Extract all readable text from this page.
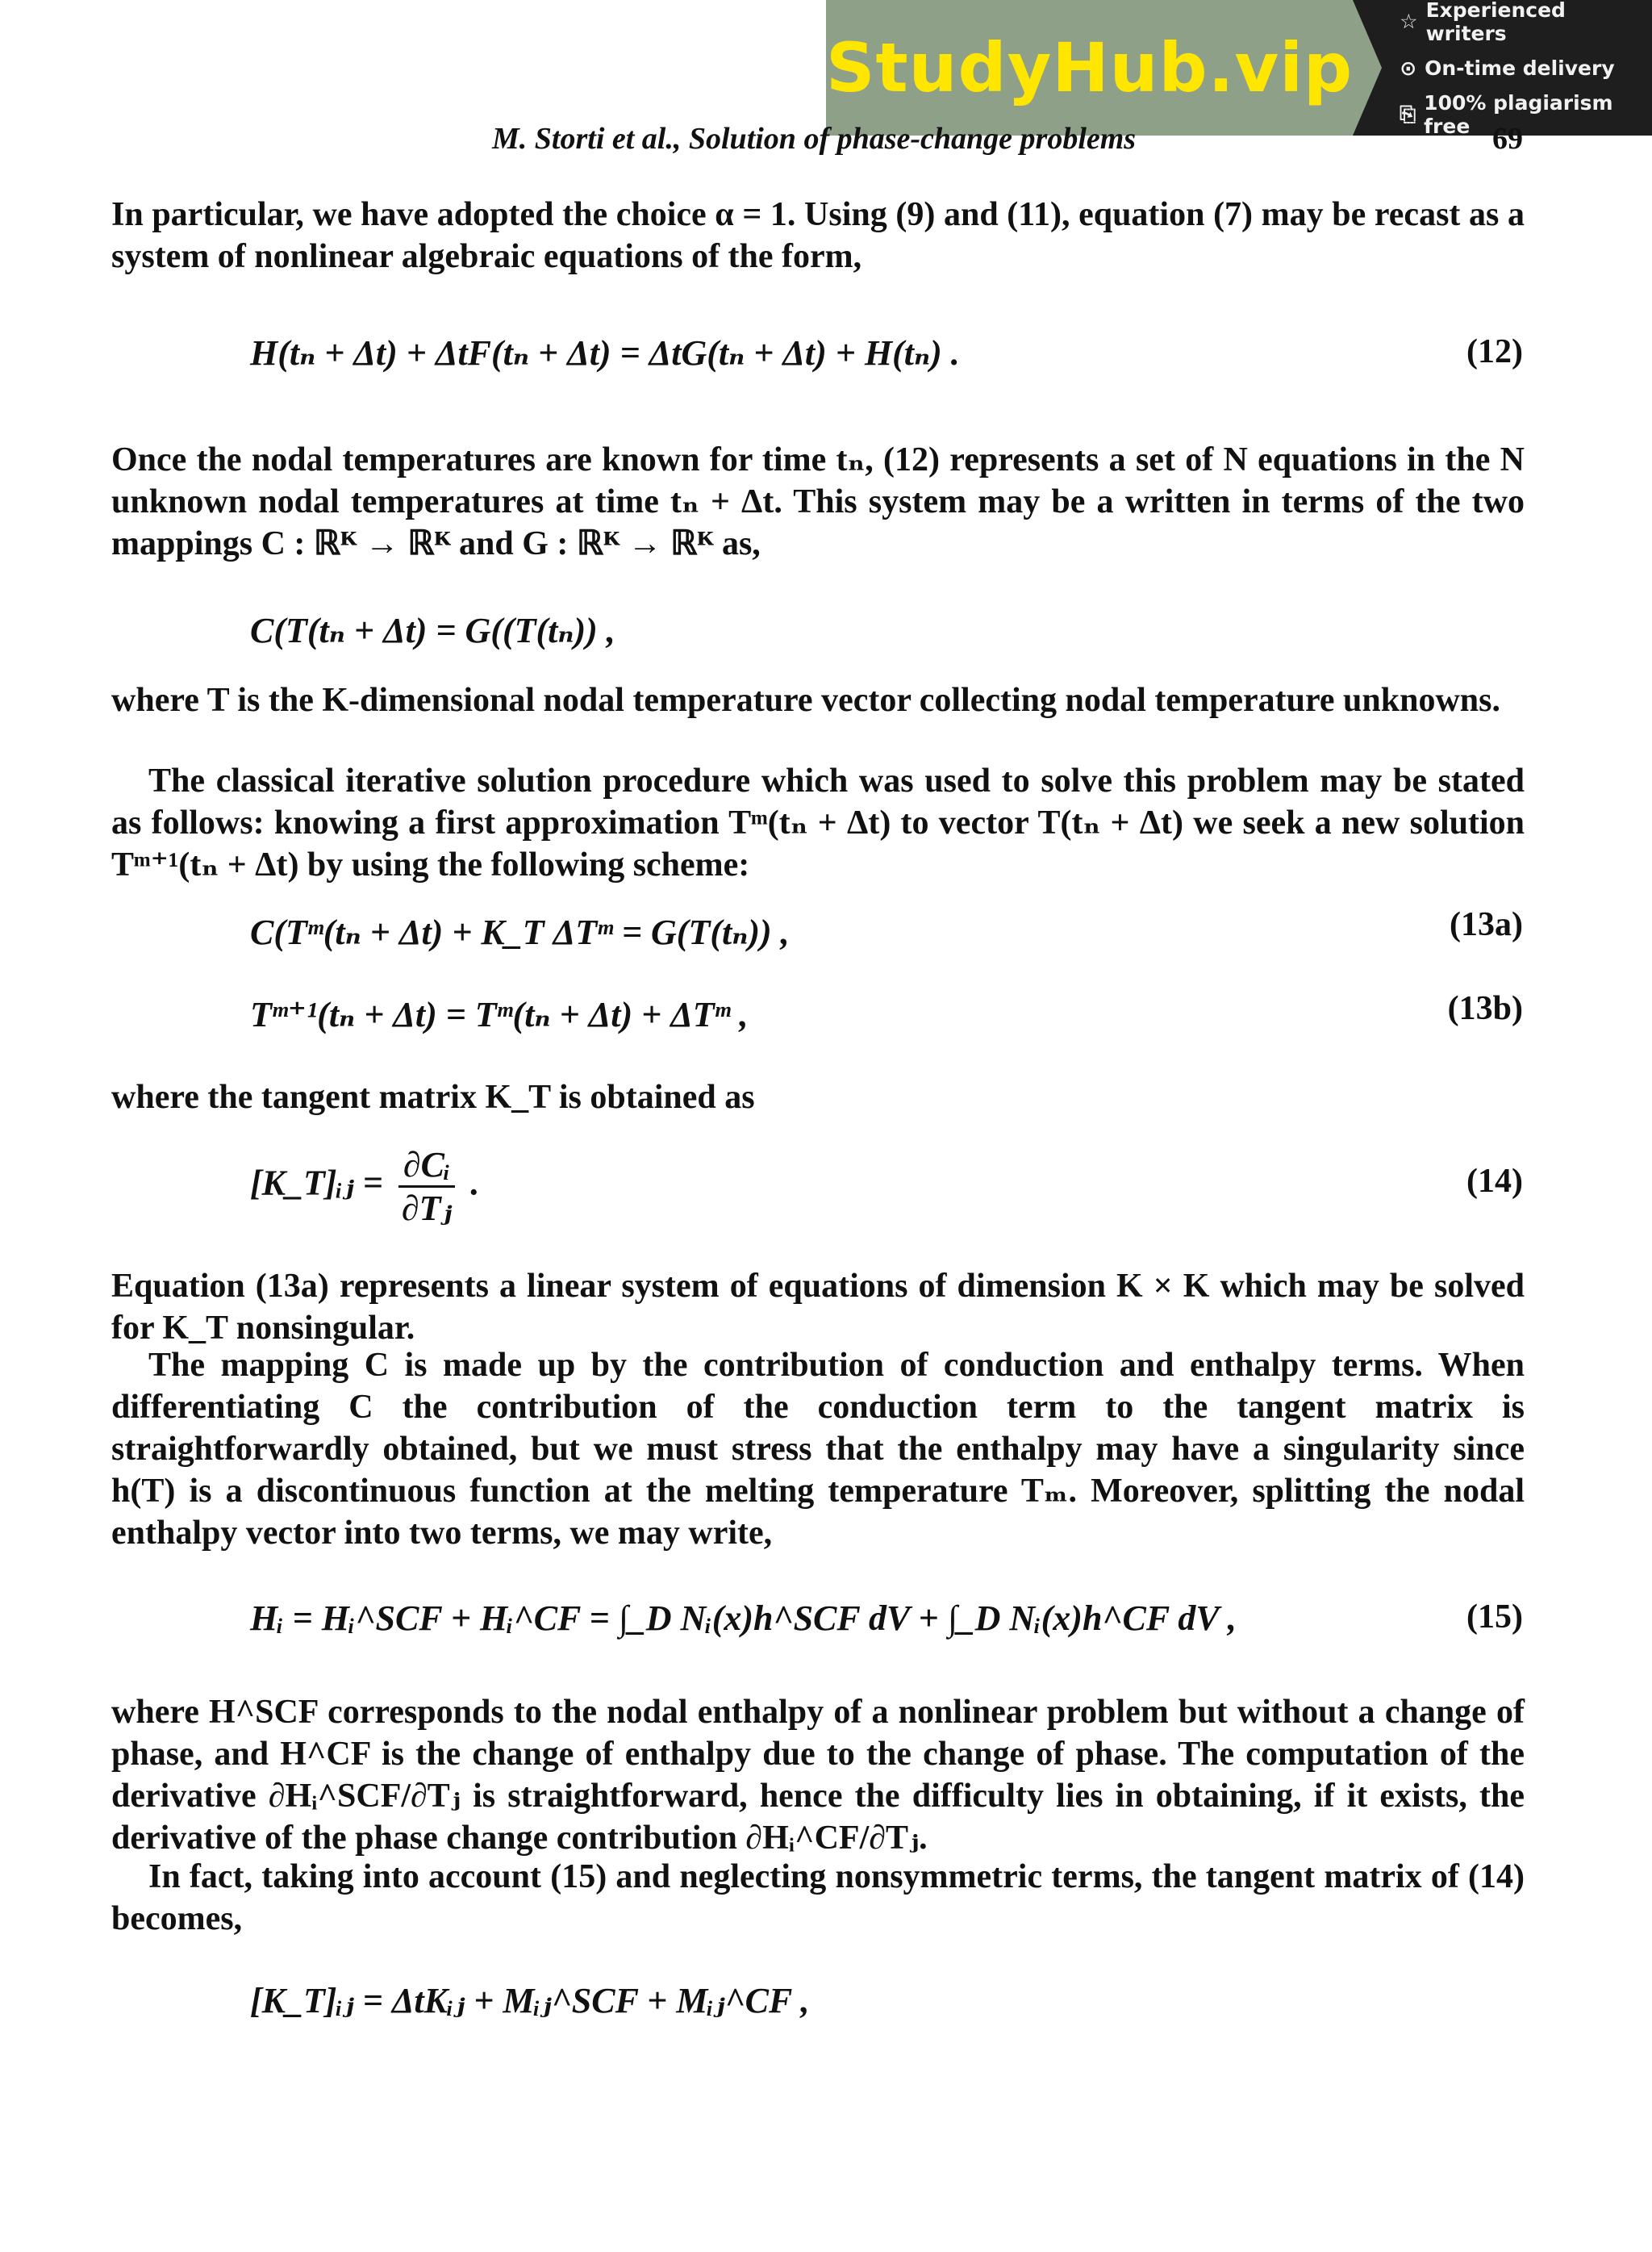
StudyHub.vip
☆ Experienced writers
⊙ On-time delivery
⎘ 100% plagiarism free
M. Storti et al., Solution of phase-change problems	69
In particular, we have adopted the choice α = 1. Using (9) and (11), equation (7) may be recast as a system of nonlinear algebraic equations of the form,
H(tₙ + Δt) + ΔtF(tₙ + Δt) = ΔtG(tₙ + Δt) + H(tₙ) .	(12)
Once the nodal temperatures are known for time tₙ, (12) represents a set of N equations in the N unknown nodal temperatures at time tₙ + Δt. This system may be a written in terms of the two mappings C : ℝᴷ → ℝᴷ and G : ℝᴷ → ℝᴷ as,
C(T(tₙ + Δt) = G((T(tₙ)) ,
where T is the K-dimensional nodal temperature vector collecting nodal temperature unknowns.
The classical iterative solution procedure which was used to solve this problem may be stated as follows: knowing a first approximation Tᵐ(tₙ + Δt) to vector T(tₙ + Δt) we seek a new solution Tᵐ⁺¹(tₙ + Δt) by using the following scheme:
C(Tᵐ(tₙ + Δt) + K_T ΔTᵐ = G(T(tₙ)) ,	(13a)
Tᵐ⁺¹(tₙ + Δt) = Tᵐ(tₙ + Δt) + ΔTᵐ ,	(13b)
where the tangent matrix K_T is obtained as
[K_T]ᵢⱼ = $\frac{\text{∂Cᵢ}}{\text{∂Tⱼ}}$ .	(14)
Equation (13a) represents a linear system of equations of dimension K × K which may be solved for K_T nonsingular.
The mapping C is made up by the contribution of conduction and enthalpy terms. When differentiating C the contribution of the conduction term to the tangent matrix is straightforwardly obtained, but we must stress that the enthalpy may have a singularity since h(T) is a discontinuous function at the melting temperature Tₘ. Moreover, splitting the nodal enthalpy vector into two terms, we may write,
Hᵢ = Hᵢ^SCF + Hᵢ^CF = ∫_D Nᵢ(x)h^SCF dV + ∫_D Nᵢ(x)h^CF dV ,	(15)
where H^SCF corresponds to the nodal enthalpy of a nonlinear problem but without a change of phase, and H^CF is the change of enthalpy due to the change of phase. The computation of the derivative ∂Hᵢ^SCF/∂Tⱼ is straightforward, hence the difficulty lies in obtaining, if it exists, the derivative of the phase change contribution ∂Hᵢ^CF/∂Tⱼ.
In fact, taking into account (15) and neglecting nonsymmetric terms, the tangent matrix of (14) becomes,
[K_T]ᵢⱼ = ΔtKᵢⱼ + Mᵢⱼ^SCF + Mᵢⱼ^CF ,
